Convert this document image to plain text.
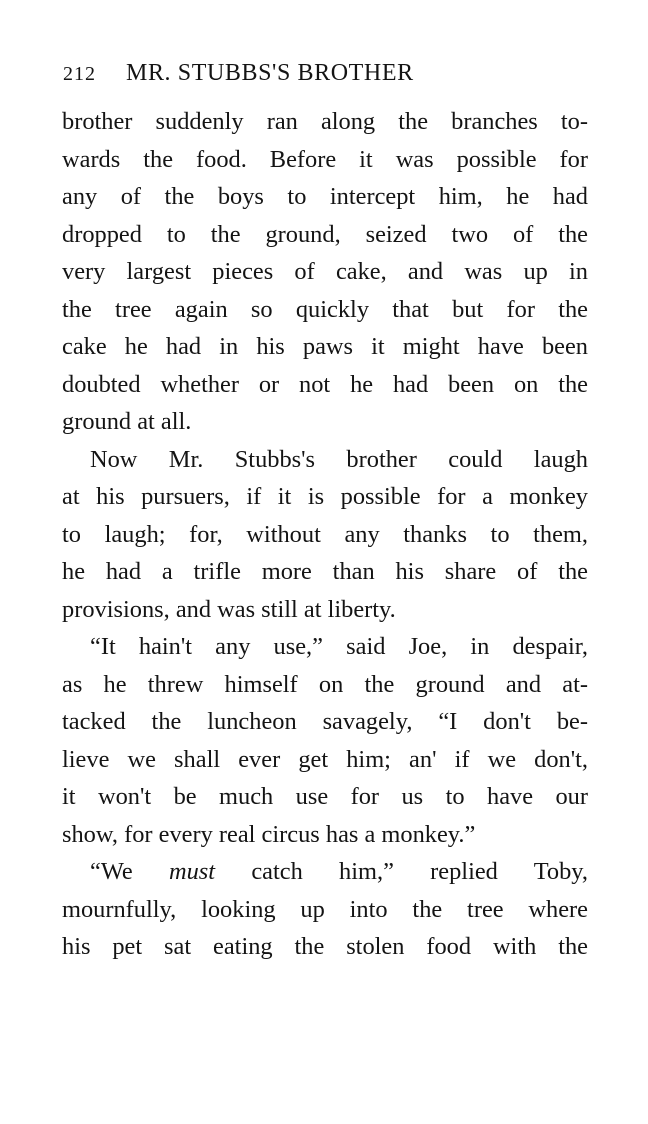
212 MR. STUBBS'S BROTHER
brother suddenly ran along the branches to-
wards the food. Before it was possible for
any of the boys to intercept him, he had
dropped to the ground, seized two of the
very largest pieces of cake, and was up in
the tree again so quickly that but for the
cake he had in his paws it might have been
doubted whether or not he had been on the
ground at all.
Now Mr. Stubbs's brother could laugh
at his pursuers, if it is possible for a monkey
to laugh; for, without any thanks to them,
he had a trifle more than his share of the
provisions, and was still at liberty.
“It hain't any use,” said Joe, in despair,
as he threw himself on the ground and at-
tacked the luncheon savagely, “I don't be-
lieve we shall ever get him; an' if we don't,
it won't be much use for us to have our
show, for every real circus has a monkey.”
“We must catch him,” replied Toby,
mournfully, looking up into the tree where
his pet sat eating the stolen food with the
